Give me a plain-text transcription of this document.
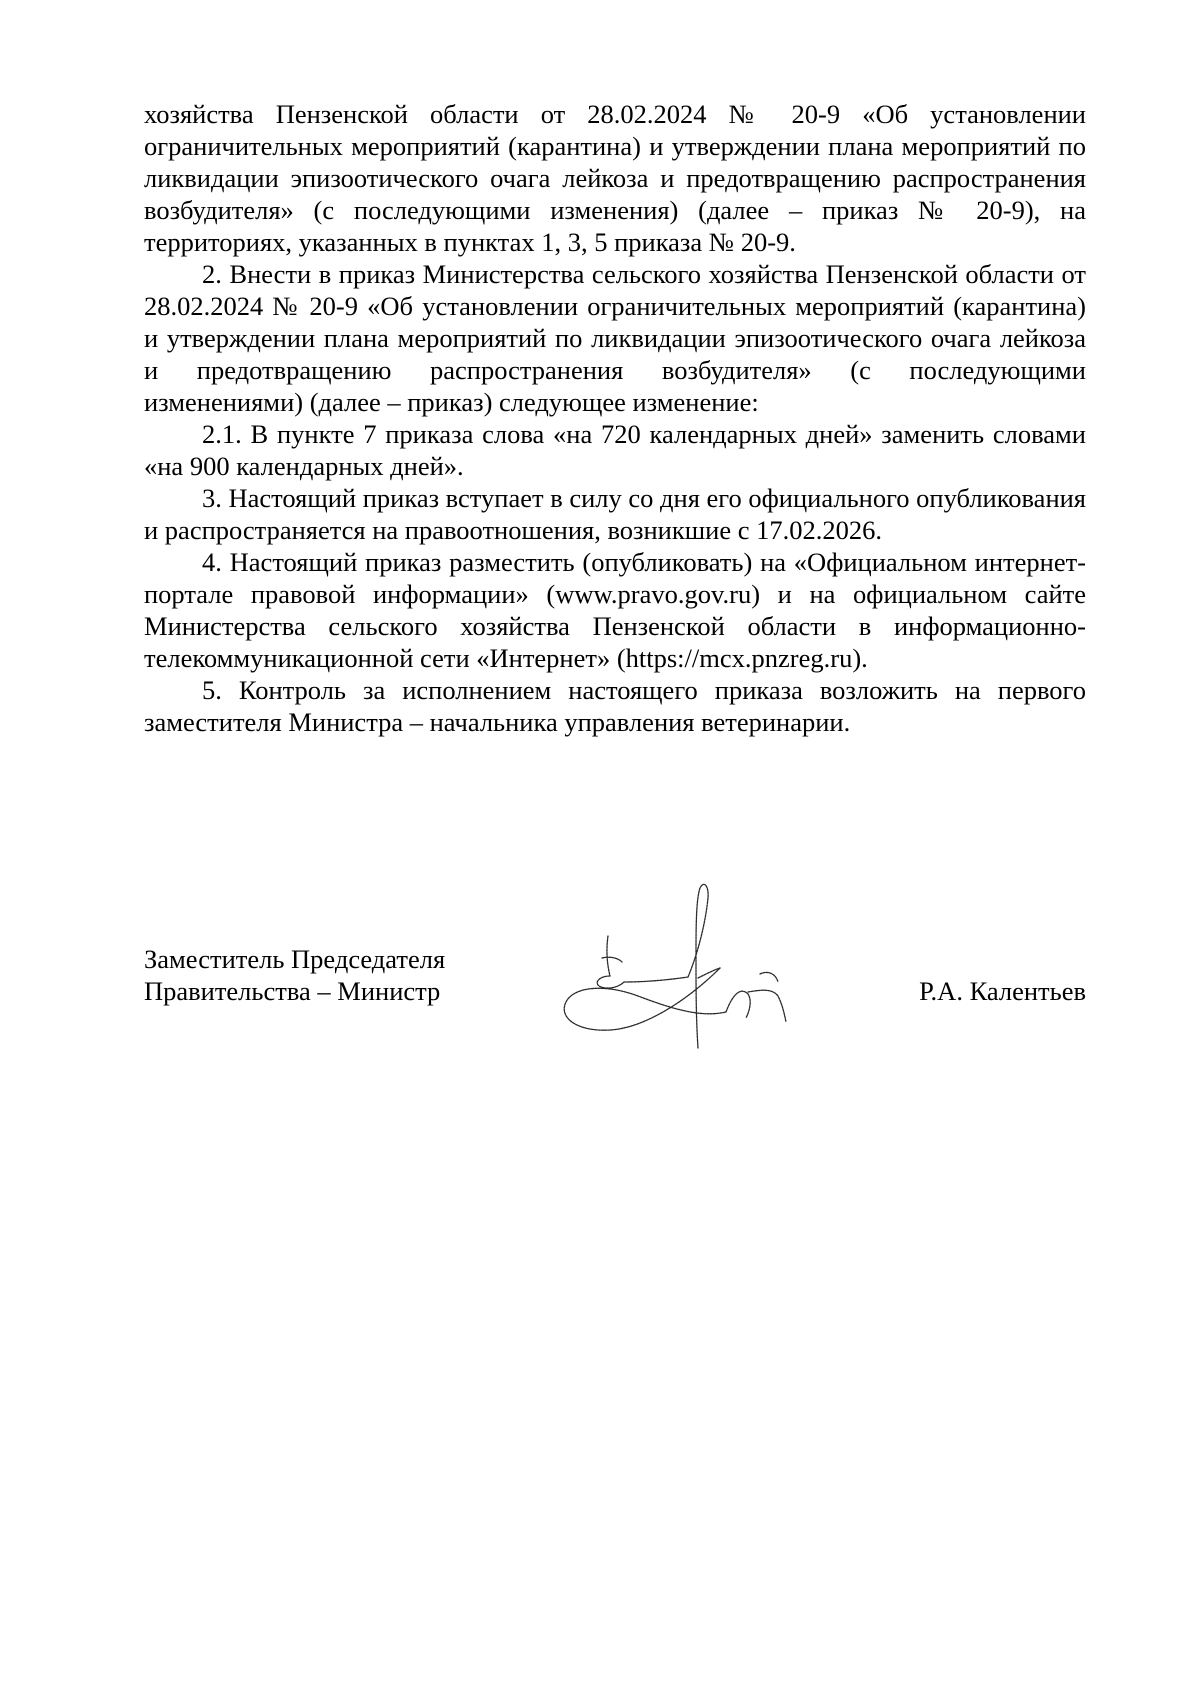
хозяйства Пензенской области от 28.02.2024 № 20-9 «Об установлении ограничительных мероприятий (карантина) и утверждении плана мероприятий по ликвидации эпизоотического очага лейкоза и предотвращению распространения возбудителя» (с последующими изменения) (далее – приказ № 20-9), на территориях, указанных в пунктах 1, 3, 5 приказа № 20-9.

2. Внести в приказ Министерства сельского хозяйства Пензенской области от 28.02.2024 № 20-9 «Об установлении ограничительных мероприятий (карантина) и утверждении плана мероприятий по ликвидации эпизоотического очага лейкоза и предотвращению распространения возбудителя» (с последующими изменениями) (далее – приказ) следующее изменение:

2.1. В пункте 7 приказа слова «на 720 календарных дней» заменить словами «на 900 календарных дней».

3. Настоящий приказ вступает в силу со дня его официального опубликования и распространяется на правоотношения, возникшие с 17.02.2026.

4. Настоящий приказ разместить (опубликовать) на «Официальном интернет-портале правовой информации» (www.pravo.gov.ru) и на официальном сайте Министерства сельского хозяйства Пензенской области в информационно-телекоммуникационной сети «Интернет» (https://mcx.pnzreg.ru).

5. Контроль за исполнением настоящего приказа возложить на первого заместителя Министра – начальника управления ветеринарии.

Заместитель Председателя
Правительства – Министр	Р.А. Калентьев
